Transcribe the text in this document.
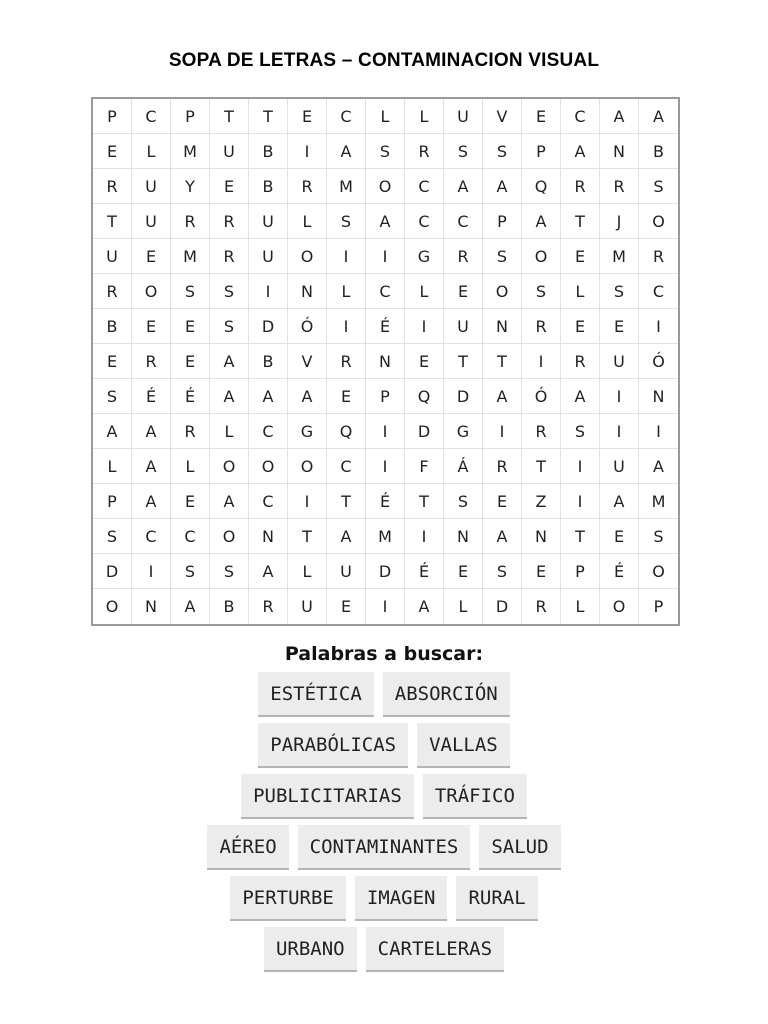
SOPA DE LETRAS – CONTAMINACION VISUAL
P	C	P	T	T	E	C	L	L	U	V	E	C	A	A
E	L	M	U	B	I	A	S	R	S	S	P	A	N	B
R	U	Y	E	B	R	M	O	C	A	A	Q	R	R	S
T	U	R	R	U	L	S	A	C	C	P	A	T	J	O
U	E	M	R	U	O	I	I	G	R	S	O	E	M	R
R	O	S	S	I	N	L	C	L	E	O	S	L	S	C
B	E	E	S	D	Ó	I	É	I	U	N	R	E	E	I
E	R	E	A	B	V	R	N	E	T	T	I	R	U	Ó
S	É	É	A	A	A	E	P	Q	D	A	Ó	A	I	N
A	A	R	L	C	G	Q	I	D	G	I	R	S	I	I
L	A	L	O	O	O	C	I	F	Á	R	T	I	U	A
P	A	E	A	C	I	T	É	T	S	E	Z	I	A	M
S	C	C	O	N	T	A	M	I	N	A	N	T	E	S
D	I	S	S	A	L	U	D	É	E	S	E	P	É	O
O	N	A	B	R	U	E	I	A	L	D	R	L	O	P
Palabras a buscar:
ESTÉTICA	ABSORCIÓN
PARABÓLICAS	VALLAS
PUBLICITARIAS	TRÁFICO
AÉREO	CONTAMINANTES	SALUD
PERTURBE	IMAGEN	RURAL
URBANO	CARTELERAS
